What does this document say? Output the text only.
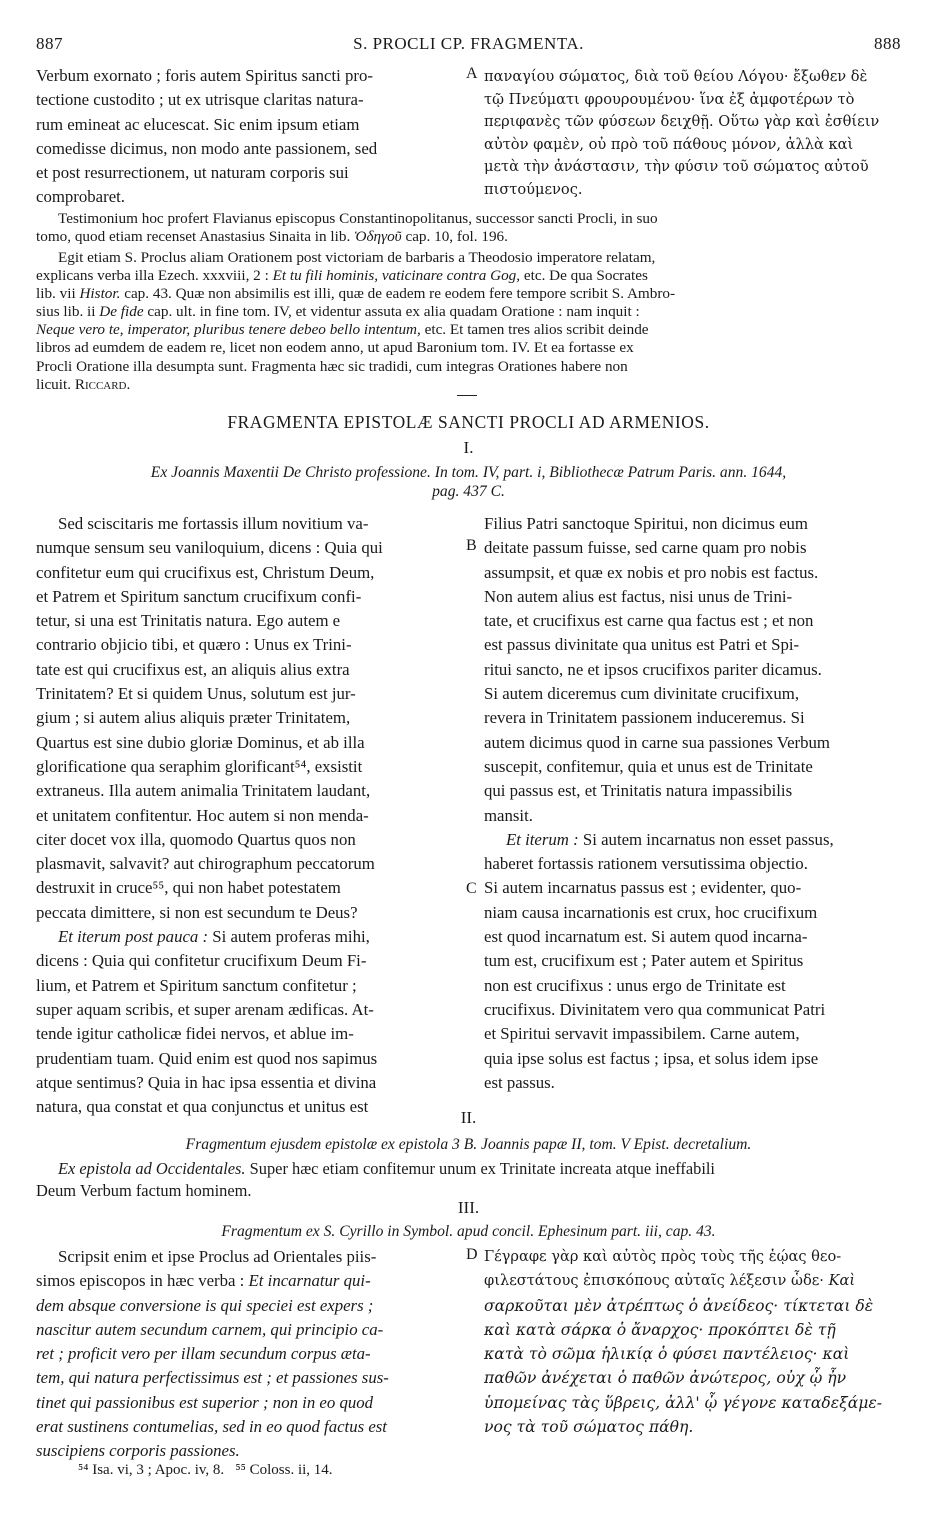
887	S. PROCLI CP. FRAGMENTA.	888

Verbum exornato ; foris autem Spiritus sancti pro-

tectione custodito ; ut ex utrisque claritas natura-

rum emineat ac elucescat. Sic enim ipsum etiam

comedisse dicimus, non modo ante passionem, sed

et post resurrectionem, ut naturam corporis sui

comprobaret.

A παναγίου σώματος, διὰ τοῦ θείου Λόγου· ἔξωθεν δὲ

τῷ Πνεύματι φρουρουμένου· ἵνα ἐξ ἀμφοτέρων τὸ

περιφανὲς τῶν φύσεων δειχθῇ. Οὕτω γὰρ καὶ ἐσθίειν

αὐτὸν φαμὲν, οὐ πρὸ τοῦ πάθους μόνον, ἀλλὰ καὶ

μετὰ τὴν ἀνάστασιν, τὴν φύσιν τοῦ σώματος αὐτοῦ

πιστούμενος.

Testimonium hoc profert Flavianus episcopus Constantinopolitanus, successor sancti Procli, in suo

tomo, quod etiam recenset Anastasius Sinaita in lib. Ὁδηγοῦ cap. 10, fol. 196.

Egit etiam S. Proclus aliam Orationem post victoriam de barbaris a Theodosio imperatore relatam,

explicans verba illa Ezech. xxxviii, 2 : Et tu fili hominis, vaticinare contra Gog, etc. De qua Socrates

lib. vii Histor. cap. 43. Quæ non absimilis est illi, quæ de eadem re eodem fere tempore scribit S. Ambro-

sius lib. ii De fide cap. ult. in fine tom. IV, et videntur assuta ex alia quadam Oratione : nam inquit :

Neque vero te, imperator, pluribus tenere debeo bello intentum, etc. Et tamen tres alios scribit deinde

libros ad eumdem de eadem re, licet non eodem anno, ut apud Baronium tom. IV. Et ea fortasse ex

Procli Oratione illa desumpta sunt. Fragmenta hæc sic tradidi, cum integras Orationes habere non

licuit. Riccard.

FRAGMENTA EPISTOLÆ SANCTI PROCLI AD ARMENIOS.
I.
Ex Joannis Maxentii De Christo professione. In tom. IV, part. i, Bibliothecæ Patrum Paris. ann. 1644,
pag. 437 C.

Sed sciscitaris me fortassis illum novitium va-

numque sensum seu vaniloquium, dicens : Quia qui

confitetur eum qui crucifixus est, Christum Deum,

et Patrem et Spiritum sanctum crucifixum confi-

tetur, si una est Trinitatis natura. Ego autem e

contrario objicio tibi, et quæro : Unus ex Trini-

tate est qui crucifixus est, an aliquis alius extra

Trinitatem? Et si quidem Unus, solutum est jur-

gium ; si autem alius aliquis præter Trinitatem,

Quartus est sine dubio gloriæ Dominus, et ab illa

glorificatione qua seraphim glorificant⁵⁴, exsistit

extraneus. Illa autem animalia Trinitatem laudant,

et unitatem confitentur. Hoc autem si non menda-

citer docet vox illa, quomodo Quartus quos non

plasmavit, salvavit? aut chirographum peccatorum

destruxit in cruce⁵⁵, qui non habet potestatem

peccata dimittere, si non est secundum te Deus?

Et iterum post pauca : Si autem proferas mihi,

dicens : Quia qui confitetur crucifixum Deum Fi-

lium, et Patrem et Spiritum sanctum confitetur ;

super aquam scribis, et super arenam ædificas. At-

tende igitur catholicæ fidei nervos, et ablue im-

prudentiam tuam. Quid enim est quod nos sapimus

atque sentimus? Quia in hac ipsa essentia et divina

natura, qua constat et qua conjunctus et unitus est

B
C

Filius Patri sanctoque Spiritui, non dicimus eum

deitate passum fuisse, sed carne quam pro nobis

assumpsit, et quæ ex nobis et pro nobis est factus.

Non autem alius est factus, nisi unus de Trini-

tate, et crucifixus est carne qua factus est ; et non

est passus divinitate qua unitus est Patri et Spi-

ritui sancto, ne et ipsos crucifixos pariter dicamus.

Si autem diceremus cum divinitate crucifixum,

revera in Trinitatem passionem induceremus. Si

autem dicimus quod in carne sua passiones Verbum

suscepit, confitemur, quia et unus est de Trinitate

qui passus est, et Trinitatis natura impassibilis

mansit.

Et iterum : Si autem incarnatus non esset passus,

haberet fortassis rationem versutissima objectio.

Si autem incarnatus passus est ; evidenter, quo-

niam causa incarnationis est crux, hoc crucifixum

est quod incarnatum est. Si autem quod incarna-

tum est, crucifixum est ; Pater autem et Spiritus

non est crucifixus : unus ergo de Trinitate est

crucifixus. Divinitatem vero qua communicat Patri

et Spiritui servavit impassibilem. Carne autem,

quia ipse solus est factus ; ipsa, et solus idem ipse

est passus.

II.
Fragmentum ejusdem epistolæ ex epistola 3 B. Joannis papæ II, tom. V Epist. decretalium.

Ex epistola ad Occidentales. Super hæc etiam confitemur unum ex Trinitate increata atque ineffabili

Deum Verbum factum hominem.

III.
Fragmentum ex S. Cyrillo in Symbol. apud concil. Ephesinum part. iii, cap. 43.

Scripsit enim et ipse Proclus ad Orientales piis-

simos episcopos in hæc verba : Et incarnatur qui-

dem absque conversione is qui speciei est expers ;

nascitur autem secundum carnem, qui principio ca-

ret ; proficit vero per illam secundum corpus ætа-

tem, qui natura perfectissimus est ; et passiones sus-

tinet qui passionibus est superior ; non in eo quod

erat sustinens contumelias, sed in eo quod factus est

suscipiens corporis passiones.

D Γέγραφε γὰρ καὶ αὐτὸς πρὸς τοὺς τῆς ἑῴας θεο-

φιλεστάτους ἐπισκόπους αὐταῖς λέξεσιν ὧδε· Καὶ

σαρκοῦται μὲν ἀτρέπτως ὁ ἀνείδεος· τίκτεται δὲ

καὶ κατὰ σάρκα ὁ ἄναρχος· προκόπτει δὲ τῇ

κατὰ τὸ σῶμα ἡλικίᾳ ὁ φύσει παντέλειος· καὶ

παθῶν ἀνέχεται ὁ παθῶν ἀνώτερος, οὐχ ᾧ ἦν

ὑπομείνας τὰς ὕβρεις, ἀλλ' ᾧ γέγονε καταδεξάμε-

νος τὰ τοῦ σώματος πάθη.

⁵⁴ Isa. vi, 3 ; Apoc. iv, 8.   ⁵⁵ Coloss. ii, 14.
